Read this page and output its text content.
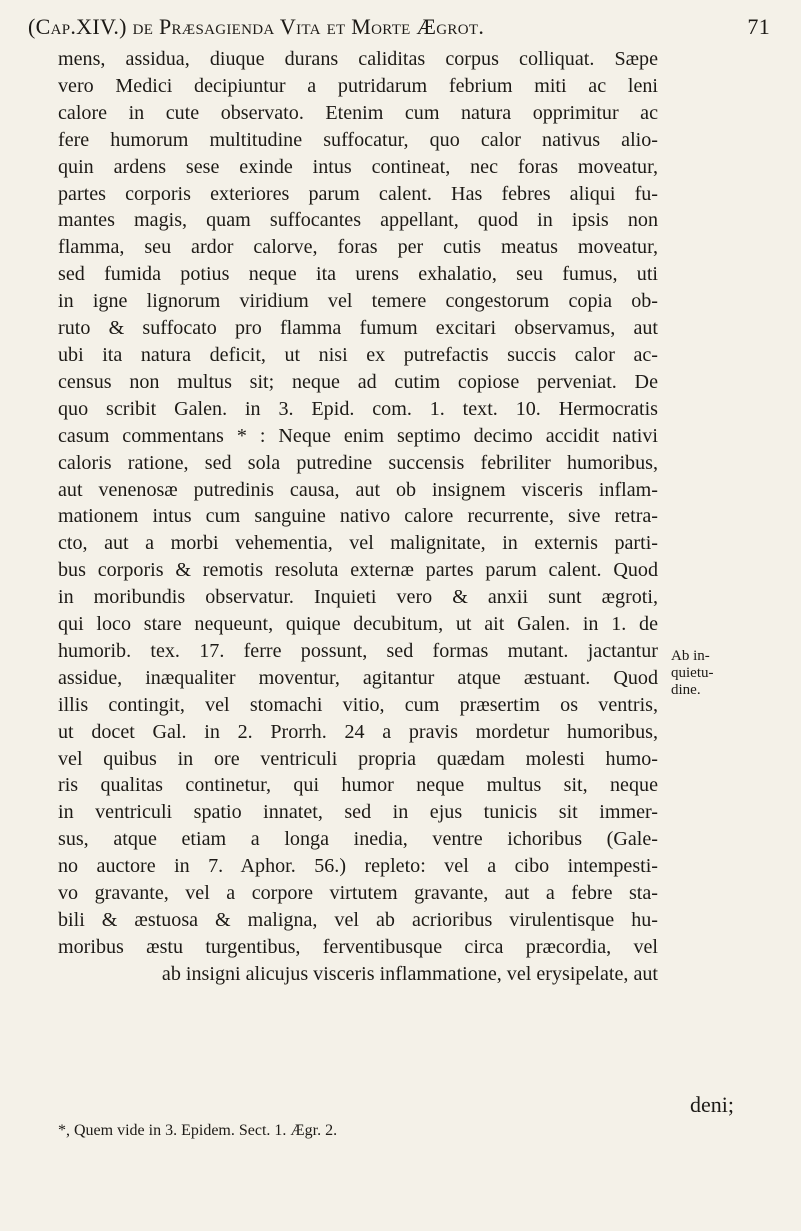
(Cap.XIV.) de Præsagienda Vita et Morte Ægrot.	71
mens, assidua, diuque durans caliditas corpus colliquat. Sæpe
vero Medici decipiuntur a putridarum febrium miti ac leni
calore in cute observato. Etenim cum natura opprimitur ac
fere humorum multitudine suffocatur, quo calor nativus alio-
quin ardens sese exinde intus contineat, nec foras moveatur,
partes corporis exteriores parum calent. Has febres aliqui fu-
mantes magis, quam suffocantes appellant, quod in ipsis non
flamma, seu ardor calorve, foras per cutis meatus moveatur,
sed fumida potius neque ita urens exhalatio, seu fumus, uti
in igne lignorum viridium vel temere congestorum copia ob-
ruto & suffocato pro flamma fumum excitari observamus, aut
ubi ita natura deficit, ut nisi ex putrefactis succis calor ac-
census non multus sit; neque ad cutim copiose perveniat. De
quo scribit Galen. in 3. Epid. com. 1. text. 10. Hermocratis
casum commentans * : Neque enim septimo decimo accidit nativi
caloris ratione, sed sola putredine succensis febriliter humoribus,
aut venenosæ putredinis causa, aut ob insignem visceris inflam-
mationem intus cum sanguine nativo calore recurrente, sive retra-
cto, aut a morbi vehementia, vel malignitate, in externis parti-
bus corporis & remotis resoluta externæ partes parum calent. Quod
in moribundis observatur. Inquieti vero & anxii sunt ægroti,
qui loco stare nequeunt, quique decubitum, ut ait Galen. in 1. de
humorib. tex. 17. ferre possunt, sed formas mutant. jactantur
assidue, inæqualiter moventur, agitantur atque æstuant. Quod
illis contingit, vel stomachi vitio, cum præsertim os ventris,
ut docet Gal. in 2. Prorrh. 24 a pravis mordetur humoribus,
vel quibus in ore ventriculi propria quædam molesti humo-
ris qualitas continetur, qui humor neque multus sit, neque
in ventriculi spatio innatet, sed in ejus tunicis sit immer-
sus, atque etiam a longa inedia, ventre ichoribus (Gale-
no auctore in 7. Aphor. 56.) repleto: vel a cibo intempesti-
vo gravante, vel a corpore virtutem gravante, aut a febre sta-
bili & æstuosa & maligna, vel ab acrioribus virulentisque hu-
moribus æstu turgentibus, ferventibusque circa præcordia, vel
ab insigni alicujus visceris inflammatione, vel erysipelate, aut
Ab in-
quietu-
dine.
deni;
*, Quem vide in 3. Epidem. Sect. 1. Ægr. 2.
